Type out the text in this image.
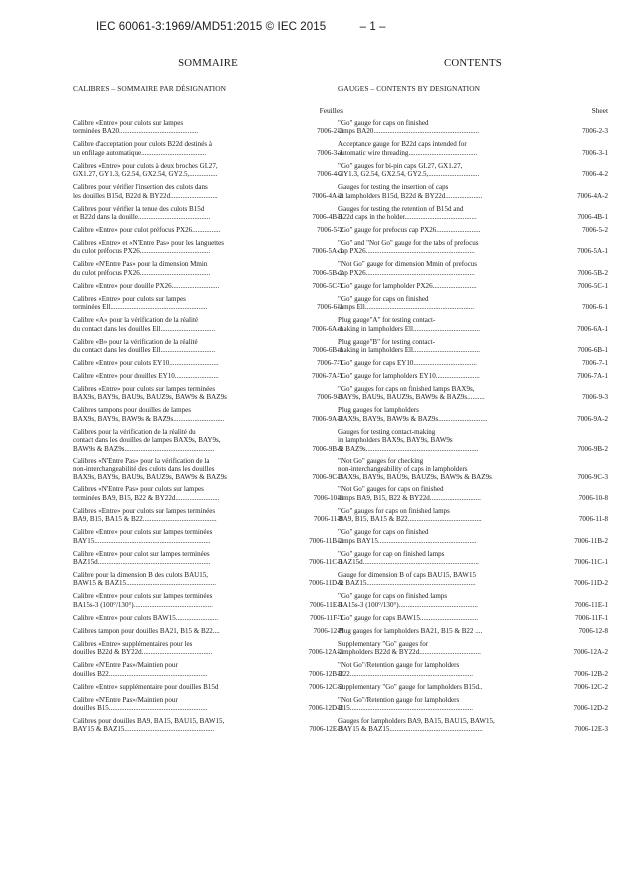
IEC 60061-3:1969/AMD51:2015 © IEC 2015	– 1 –
SOMMAIRE
CALIBRES – SOMMAIRE PAR DÉSIGNATION
Feuilles
Calibre «Entre» pour culots sur lampes
terminées BA20.............................................	7006-2-3
Calibre d'acceptation pour culots B22d destinés à
un enfilage automatique.....................................	7006-3-1
Calibres «Entre» pour culots à deux broches GI.27,
GX1.27, GY1.3, G2.54, GX2.54, GY2.5,................	7006-4-2
Calibres pour vérifier l'insertion des culots dans
les douilles B15d, B22d & BY22d...........................	7006-4A-2
Calibres pour vérifier la tenue des culots B15d
et B22d dans la douille.........................................	7006-4B-1
Calibre «Entre» pour culot préfocus PX26................	7006-5-2
Calibres «Entre» et «N'Entre Pas» pour les languettes
du culot préfocus PX26........................................	7006-5A-1
Calibre «N'Entre Pas» pour la dimension Mmin
du culot préfocus PX26........................................	7006-5B-2
Calibre «Entre» pour douille PX26...........................	7006-5C-1
Calibres «Entre» pour culots sur lampes
terminées Ell.......................................................	7006-6-1
Calibre «A» pour la vérification de la réalité
du contact dans les douilles Ell...............................	7006-6A-1
Calibre «B» pour la vérification de la réalité
du contact dans les douilles Ell...............................	7006-6B-1
Calibre «Entre» pour culots EY10............................	7006-7-1
Calibre «Entre» pour douilles EY10.........................	7006-7A-1
Calibres «Entre» pour culots sur lampes terminées
BAX9s, BAY9s, BAU9s, BAUZ9s, BAW9s & BAZ9s	7006-9-3
Calibres tampons pour douilles de lampes
BAX9s, BAY9s, BAW9s & BAZ9s.............................	7006-9A-2
Calibres pour la vérification de la réalité du
contact dans les douilles de lampes BAX9s, BAY9s,
BAW9s & BAZ9s...................................................	7006-9B-2
Calibres «N'Entre Pas» pour la vérification de la
non-interchangeabilité des culots dans les douilles
BAX9s, BAY9s, BAU9s, BAUZ9s, BAW9s & BAZ9s	7006-9C-3
Calibres «N'Entre Pas» pour culots sur lampes
terminées BA9, B15, B22 & BY22d.........................	7006-10-8
Calibres «Entre» pour culots sur lampes terminées
BA9, B15, BA15 & B22..........................................	7006-11-8
Calibre «Entre» pour culots sur lampes terminées
BAY15..................................................................	7006-11B-2
Calibre «Entre» pour culot sur lampes terminées
BAZ15d................................................................	7006-11C-1
Calibre pour la dimension B des culots BAU15,
BAW15 & BAZ15...................................................	7006-11D-2
Calibre «Entre» pour culots sur lampes terminées
BA15s-3 (100°/130°).............................................	7006-11E-1
Calibre «Entre» pour culots BAW15........................	7006-11F-1
Calibres tampon pour douilles BA21, B15 & B22....	7006-12-8
Calibres «Entre» supplémentaires pour les
douilles B22d & BY22d........................................	7006-12A-2
Calibre «N'Entre Pas»/Maintien pour
douilles B22........................................................	7006-12B-2
Calibre «Entre» supplémentaire pour douilles B15d	7006-12C-2
Calibre «N'Entre Pas»/Maintien pour
douilles B15........................................................	7006-12D-2
Calibres pour douilles BA9, BA15, BAU15, BAW15,
BAY15 & BAZ15...................................................	7006-12E-3
CONTENTS
GAUGES – CONTENTS BY DESIGNATION
Sheet
"Go" gauge for caps on finished
lamps BA20............................................................	7006-2-3
Acceptance gauge for B22d caps intended for
automatic wire threading.......................................	7006-3-1
"Go" gauges for bi-pin caps GI.27, GX1.27,
GY1.3, G2.54, GX2.54, GY2.5,.............................	7006-4-2
Gauges for testing the insertion of caps
in lampholders B15d, B22d & BY22d.....................	7006-4A-2
Gauges for testing the retention of B15d and
B22d caps in the holder.........................................	7006-4B-1
"Go" gauge for prefocus cap PX26.........................	7006-5-2
"Go" and "Not Go" gauge for the tabs of prefocus
cap PX26..............................................................	7006-5A-1
"Not Go" gauge for dimension Mmin of prefocus
cap PX26..............................................................	7006-5B-2
"Go" gauge for lampholder PX26.........................	7006-5C-1
"Go" gauge for caps on finished
lamps Ell..............................................................	7006-6-1
Plug gauge"A" for testing contact-
making in lampholders Ell......................................	7006-6A-1
Plug gauge"B" for testing contact-
making in lampholders Ell......................................	7006-6B-1
"Go" gauge for caps EY10....................................	7006-7-1
"Go" gauge for lampholders EY10.........................	7006-7A-1
"Go" gauges for caps on finished lamps BAX9s,
BAY9s, BAU9s, BAUZ9s, BAW9s & BAZ9s..........	7006-9-3
Plug gauges for lampholders
BAX9s, BAY9s, BAW9s & BAZ9s............................	7006-9A-2
Gauges for testing contact-making
in lampholders BAX9s, BAY9s, BAW9s
& BAZ9s................................................................	7006-9B-2
"Not Go" gauges for checking
non-interchangeability of caps in lampholders
BAX9s, BAY9s, BAU9s, BAUZ9s, BAW9s & BAZ9s	7006-9C-3
"Not Go" gauges for caps on finished
lamps BA9, B15, B22 & BY22d.............................	7006-10-8
"Go" gauges for caps on finished lamps
BA9, B15, BA15 & B22..........................................	7006-11-8
"Go" gauge for caps on finished
lamps BAY15........................................................	7006-11B-2
"Go" gauge for cap on finished lamps
BAZ15d..................................................................	7006-11C-1
Gauge for dimension B of caps BAU15, BAW15
& BAZ15..............................................................	7006-11D-2
"Go" gauge for caps on finished lamps
BA15s-3 (100°/130°).............................................	7006-11E-1
"Go" gauge for caps BAW15.................................	7006-11F-1
Plug gauges for lampholders BA21, B15 & B22 ....	7006-12-8
Supplementary "Go" gauges for
lampholders B22d & BY22d...................................	7006-12A-2
"Not Go"/Retention gauge for lampholders
B22......................................................................	7006-12B-2
Supplementary "Go" gauge for lampholders B15d..	7006-12C-2
"Not Go"/Retention gauge for lampholders
B15......................................................................	7006-12D-2
Gauges for lampholders BA9, BA15, BAU15, BAW15,
BAY15 & BAZ15.....................................................	7006-12E-3
